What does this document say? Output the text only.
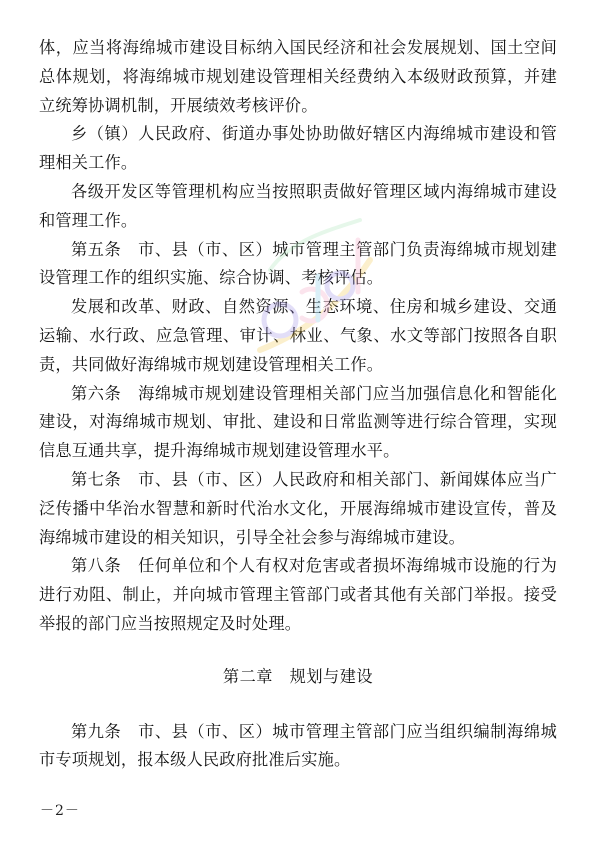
体，应当将海绵城市建设目标纳入国民经济和社会发展规划、国土空间总体规划，将海绵城市规划建设管理相关经费纳入本级财政预算，并建立统筹协调机制，开展绩效考核评价。

乡（镇）人民政府、街道办事处协助做好辖区内海绵城市建设和管理相关工作。

各级开发区等管理机构应当按照职责做好管理区域内海绵城市建设和管理工作。

第五条　市、县（市、区）城市管理主管部门负责海绵城市规划建设管理工作的组织实施、综合协调、考核评估。

发展和改革、财政、自然资源、生态环境、住房和城乡建设、交通运输、水行政、应急管理、审计、林业、气象、水文等部门按照各自职责，共同做好海绵城市规划建设管理相关工作。

第六条　海绵城市规划建设管理相关部门应当加强信息化和智能化建设，对海绵城市规划、审批、建设和日常监测等进行综合管理，实现信息互通共享，提升海绵城市规划建设管理水平。

第七条　市、县（市、区）人民政府和相关部门、新闻媒体应当广泛传播中华治水智慧和新时代治水文化，开展海绵城市建设宣传，普及海绵城市建设的相关知识，引导全社会参与海绵城市建设。

第八条　任何单位和个人有权对危害或者损坏海绵城市设施的行为进行劝阻、制止，并向城市管理主管部门或者其他有关部门举报。接受举报的部门应当按照规定及时处理。

第二章　规划与建设

第九条　市、县（市、区）城市管理主管部门应当组织编制海绵城市专项规划，报本级人民政府批准后实施。

－2－
